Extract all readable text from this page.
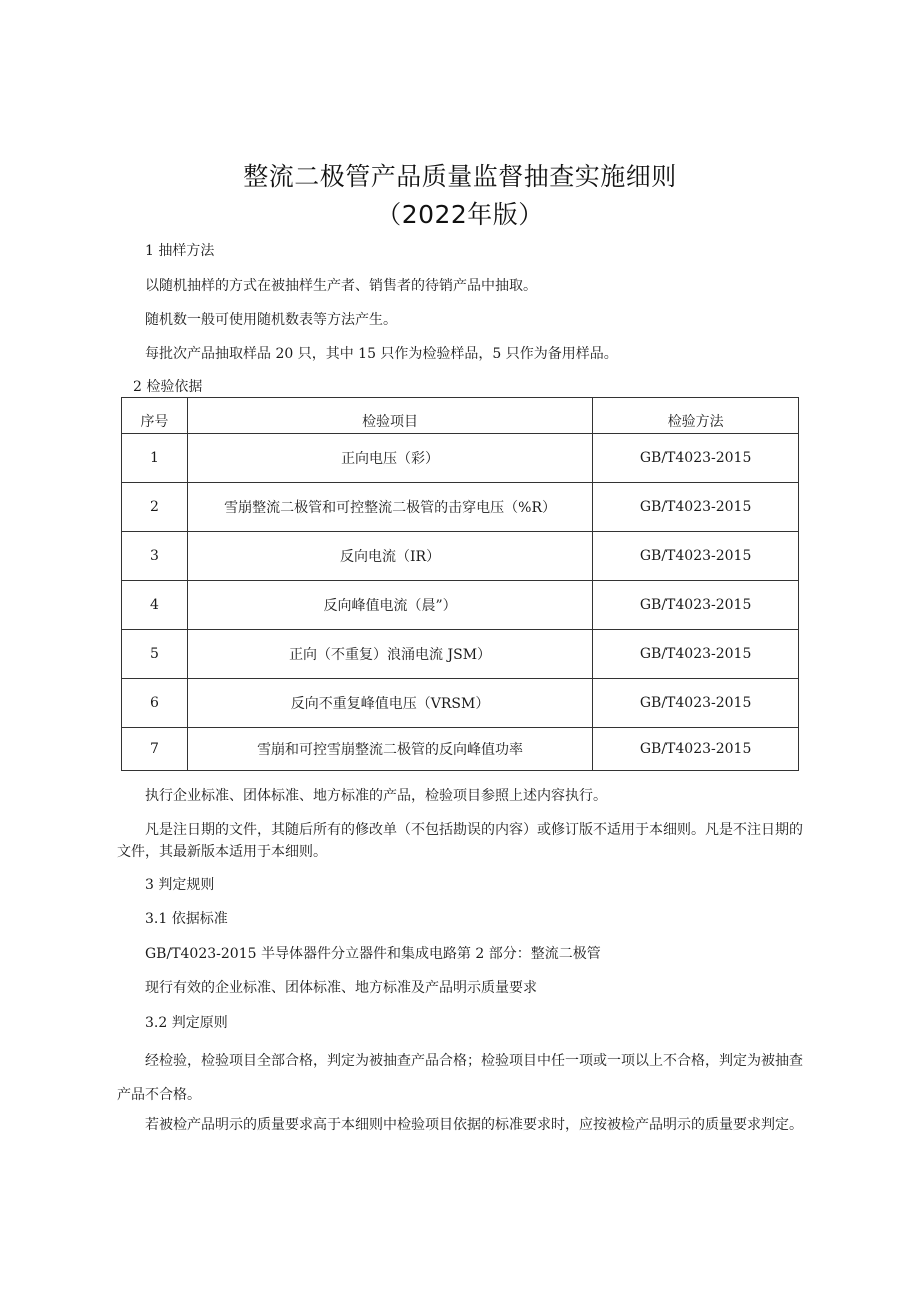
整流二极管产品质量监督抽查实施细则
（2022年版）
1 抽样方法
以随机抽样的方式在被抽样生产者、销售者的待销产品中抽取。
随机数一般可使用随机数表等方法产生。
每批次产品抽取样品 20 只，其中 15 只作为检验样品，5 只作为备用样品。
2 检验依据
序号	检验项目	检验方法
1	正向电压（彩）	GB/T4023-2015
2	雪崩整流二极管和可控整流二极管的击穿电压（%R）	GB/T4023-2015
3	反向电流（IR）	GB/T4023-2015
4	反向峰值电流（晨”）	GB/T4023-2015
5	正向（不重复）浪涌电流 JSM）	GB/T4023-2015
6	反向不重复峰值电压（VRSM）	GB/T4023-2015
7	雪崩和可控雪崩整流二极管的反向峰值功率	GB/T4023-2015
执行企业标准、团体标准、地方标准的产品，检验项目参照上述内容执行。
凡是注日期的文件，其随后所有的修改单（不包括勘误的内容）或修订版不适用于本细则。凡是不注日期的文件，其最新版本适用于本细则。
3 判定规则
3.1 依据标准
GB/T4023-2015 半导体器件分立器件和集成电路第 2 部分：整流二极管
现行有效的企业标准、团体标准、地方标准及产品明示质量要求
3.2 判定原则
经检验，检验项目全部合格，判定为被抽查产品合格；检验项目中任一项或一项以上不合格，判定为被抽查产品不合格。
若被检产品明示的质量要求高于本细则中检验项目依据的标准要求时，应按被检产品明示的质量要求判定。
